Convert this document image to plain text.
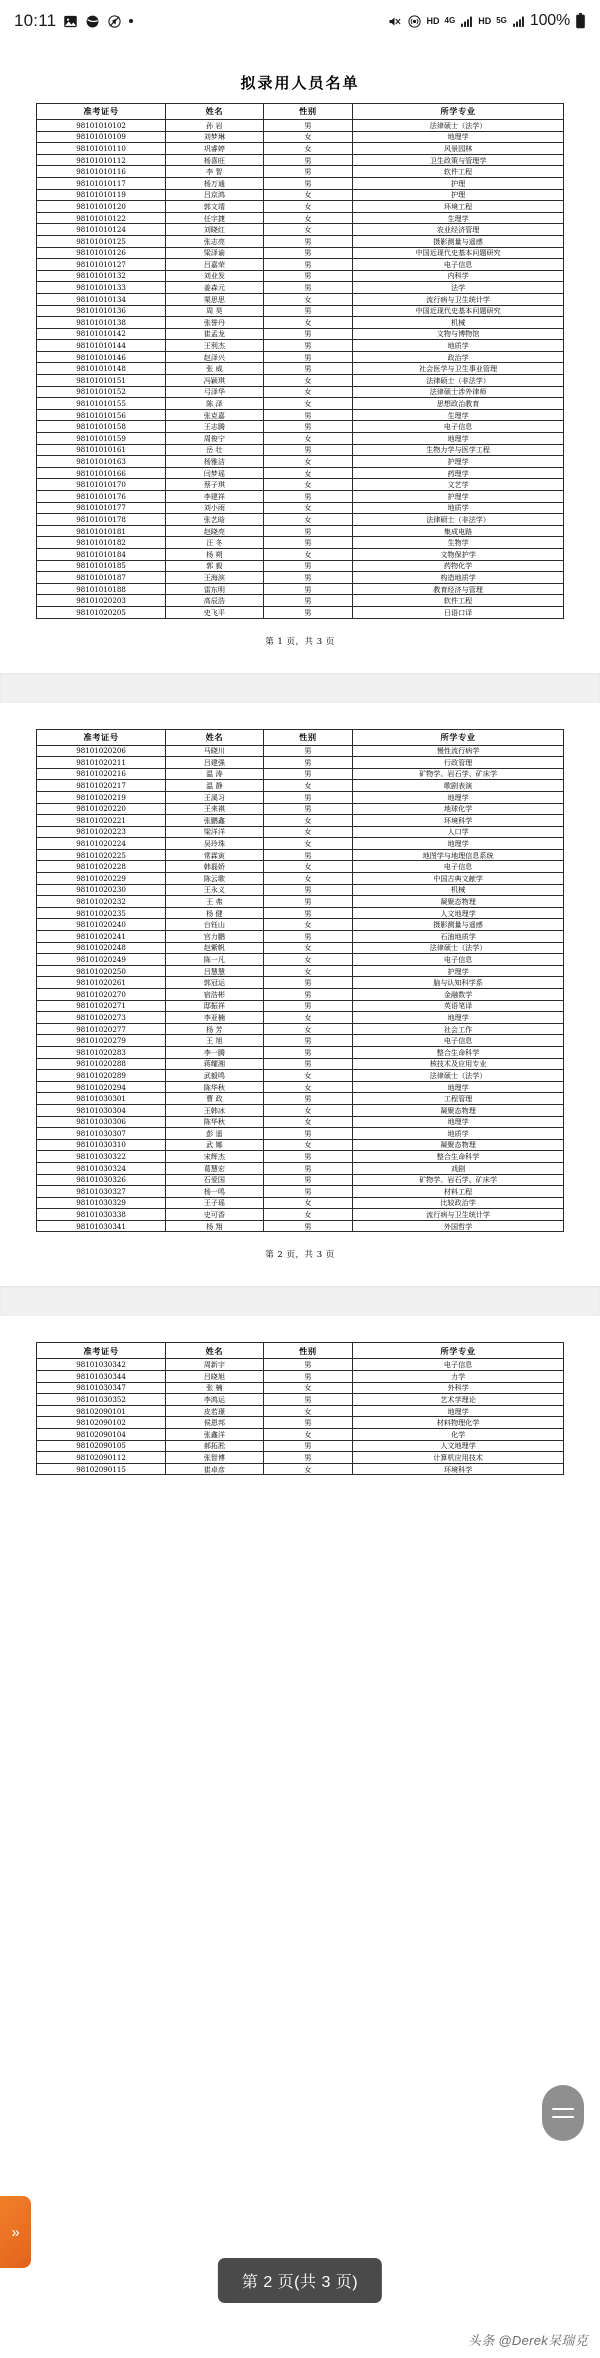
10:11	HD 4G	HD 5G 100%
拟录用人员名单
准考证号	姓名	性别	所学专业
98101010102	孙 岩	男	法律硕士（法学）
98101010109	刘梦琳	女	地理学
98101010110	巩睿婷	女	风景园林
98101010112	杨喜旺	男	卫生政策与管理学
98101010116	李 智	男	软件工程
98101010117	杨万通	男	护理
98101010119	吕京鸿	女	护理
98101010120	郭文靖	女	环境工程
98101010122	任宇捷	女	生理学
98101010124	刘晓红	女	农业经济管理
98101010125	张志亮	男	摄影测量与遥感
98101010126	梁泽谕	男	中国近现代史基本问题研究
98101010127	吕嘉荣	男	电子信息
98101010132	刘业发	男	内科学
98101010133	姜森元	男	法学
98101010134	栗思思	女	流行病与卫生统计学
98101010136	周 昊	男	中国近现代史基本问题研究
98101010138	张誉丹	女	机械
98101010142	崔孟龙	男	文物与博物馆
98101010144	王利杰	男	地质学
98101010146	赵泽兴	男	政治学
98101010148	张 威	男	社会医学与卫生事业管理
98101010151	冯颖琪	女	法律硕士（非法学）
98101010152	弓泽华	女	法律硕士涉外律师
98101010155	陈 泽	女	思想政治教育
98101010156	张克嘉	男	生理学
98101010158	王志腾	男	电子信息
98101010159	周俊宁	女	地理学
98101010161	岳 壮	男	生物力学与医学工程
98101010163	杨雅洁	女	护理学
98101010166	闫梦瑶	女	药理学
98101010170	蔡子琪	女	文艺学
98101010176	李建祥	男	护理学
98101010177	刘小雨	女	地质学
98101010178	张艺晗	女	法律硕士（非法学）
98101010181	赵晓亮	男	集成电路
98101010182	汪 冬	男	生物学
98101010184	杨 朔	女	文物保护学
98101010185	郭 毅	男	药物化学
98101010187	王海滨	男	构造地质学
98101010188	雷东明	男	教育经济与管理
98101020203	高辰浩	男	软件工程
98101020205	史飞平	男	日语口译
第 1 页，共 3 页
准考证号	姓名	性别	所学专业
98101020206	马晓川	男	慢性流行病学
98101020211	吕建强	男	行政管理
98101020216	温 涛	男	矿物学、岩石学、矿床学
98101020217	温 静	女	歌剧表演
98101020219	王溪习	男	地理学
98101020220	王来祺	男	地球化学
98101020221	张鹏鑫	女	环境科学
98101020223	梁洋洋	女	人口学
98101020224	吴玲珠	女	地理学
98101020225	常霖寅	男	地图学与地理信息系统
98101020228	韩磊娇	女	电子信息
98101020229	陈云歌	女	中国古典文献学
98101020230	王永义	男	机械
98101020232	王 弗	男	凝聚态物理
98101020235	杨 健	男	人文地理学
98101020240	台钰山	女	摄影测量与遥感
98101020241	宫力鹏	男	石油地质学
98101020248	赵紫帆	女	法律硕士（法学）
98101020249	陈一凡	女	电子信息
98101020250	吕慧慧	女	护理学
98101020261	郭冠运	男	脑与认知科学系
98101020270	宿浩彬	男	金融数学
98101020271	邸振祥	男	英语笔译
98101020273	李亚楠	女	地理学
98101020277	杨 芳	女	社会工作
98101020279	王 旭	男	电子信息
98101020283	李一腾	男	整合生命科学
98101020288	蒋耀湘	男	核技术及应用专业
98101020289	武毅鸣	女	法律硕士（法学）
98101020294	陈华秋	女	地理学
98101030301	曹 政	男	工程管理
98101030304	王韩冰	女	凝聚态物理
98101030306	陈华秋	女	地理学
98101030307	彭 遥	男	地质学
98101030310	武 娜	女	凝聚态物理
98101030322	宋辉杰	男	整合生命科学
98101030324	葛慧宏	男	戏剧
98101030326	石爱国	男	矿物学、岩石学、矿床学
98101030327	杨一鸣	男	材料工程
98101030329	王子瑶	女	比较政治学
98101030338	史可香	女	流行病与卫生统计学
98101030341	杨 翔	男	外国哲学
第 2 页，共 3 页
准考证号	姓名	性别	所学专业
98101030342	周新宇	男	电子信息
98101030344	吕晓旭	男	力学
98101030347	张 楠	女	外科学
98101030352	李鸿运	男	艺术学理论
98102090101	皮若璟	女	地理学
98102090102	侯恩邦	男	材料物理化学
98102090104	张鑫洋	女	化学
98102090105	郝拓淞	男	人文地理学
98102090112	张智博	男	计算机应用技术
98102090115	崔卓彦	女	环境科学
»
第 2 页(共 3 页)
头条 @Derek呆瑞克
